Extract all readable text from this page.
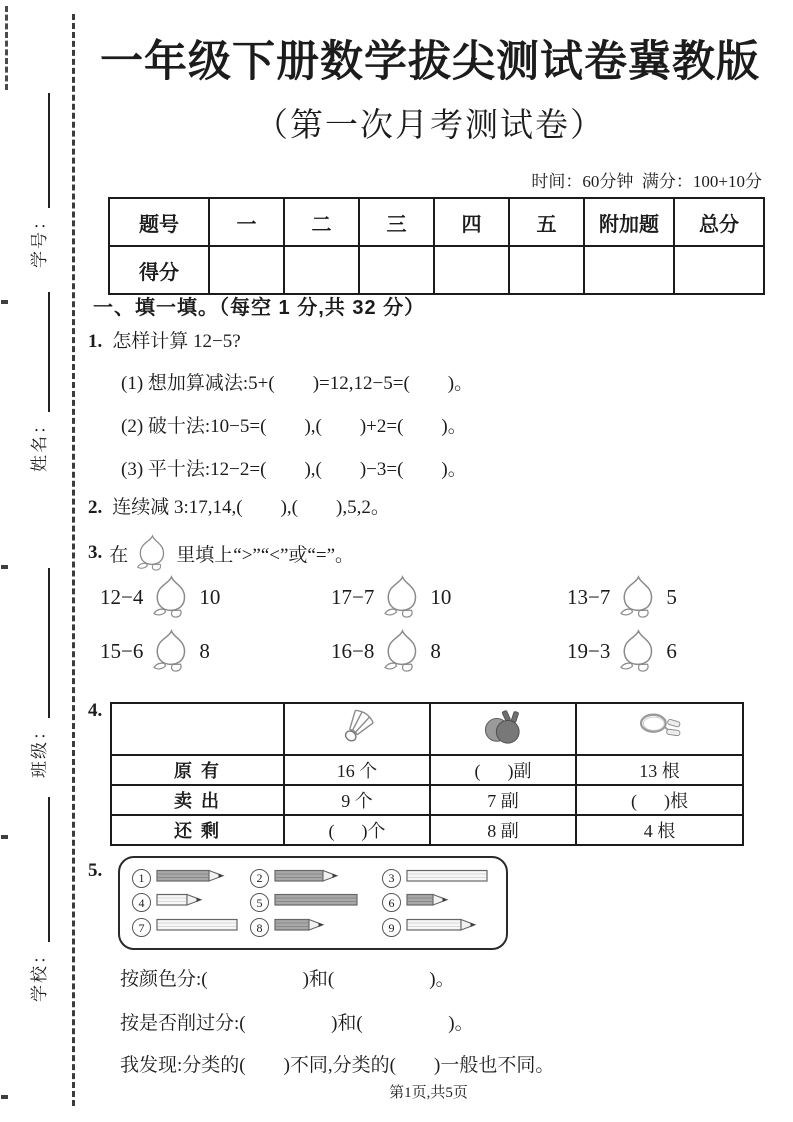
学号：
姓名：
班级：
学校：
一年级下册数学拔尖测试卷冀教版
（第一次月考测试卷）
时间：60分钟  满分：100+10分
题号	一	二	三	四	五	附加题	总分
得分							
一、填一填。（每空 1 分,共 32 分）
1. 怎样计算 12−5?
(1) 想加算减法:5+(        )=12,12−5=(        )。
(2) 破十法:10−5=(        ),(        )+2=(        )。
(3) 平十法:12−2=(        ),(        )−3=(        )。
2. 连续减 3:17,14,(        ),(        ),5,2。
3. 在	里填上“>”“<”或“=”。
12−4	10	17−7	10	13−7	5
15−6	8	16−8	8	19−3	6
4.

原 有	16 个	(      )副	13 根
卖 出	9 个	7 副	(      )根
还 剩	(      )个	8 副	4 根
5.	1	2	3
4	5	6
7	8	9
按颜色分:(                    )和(                    )。
按是否削过分:(                  )和(                  )。
我发现:分类的(        )不同,分类的(        )一般也不同。
第1页,共5页
